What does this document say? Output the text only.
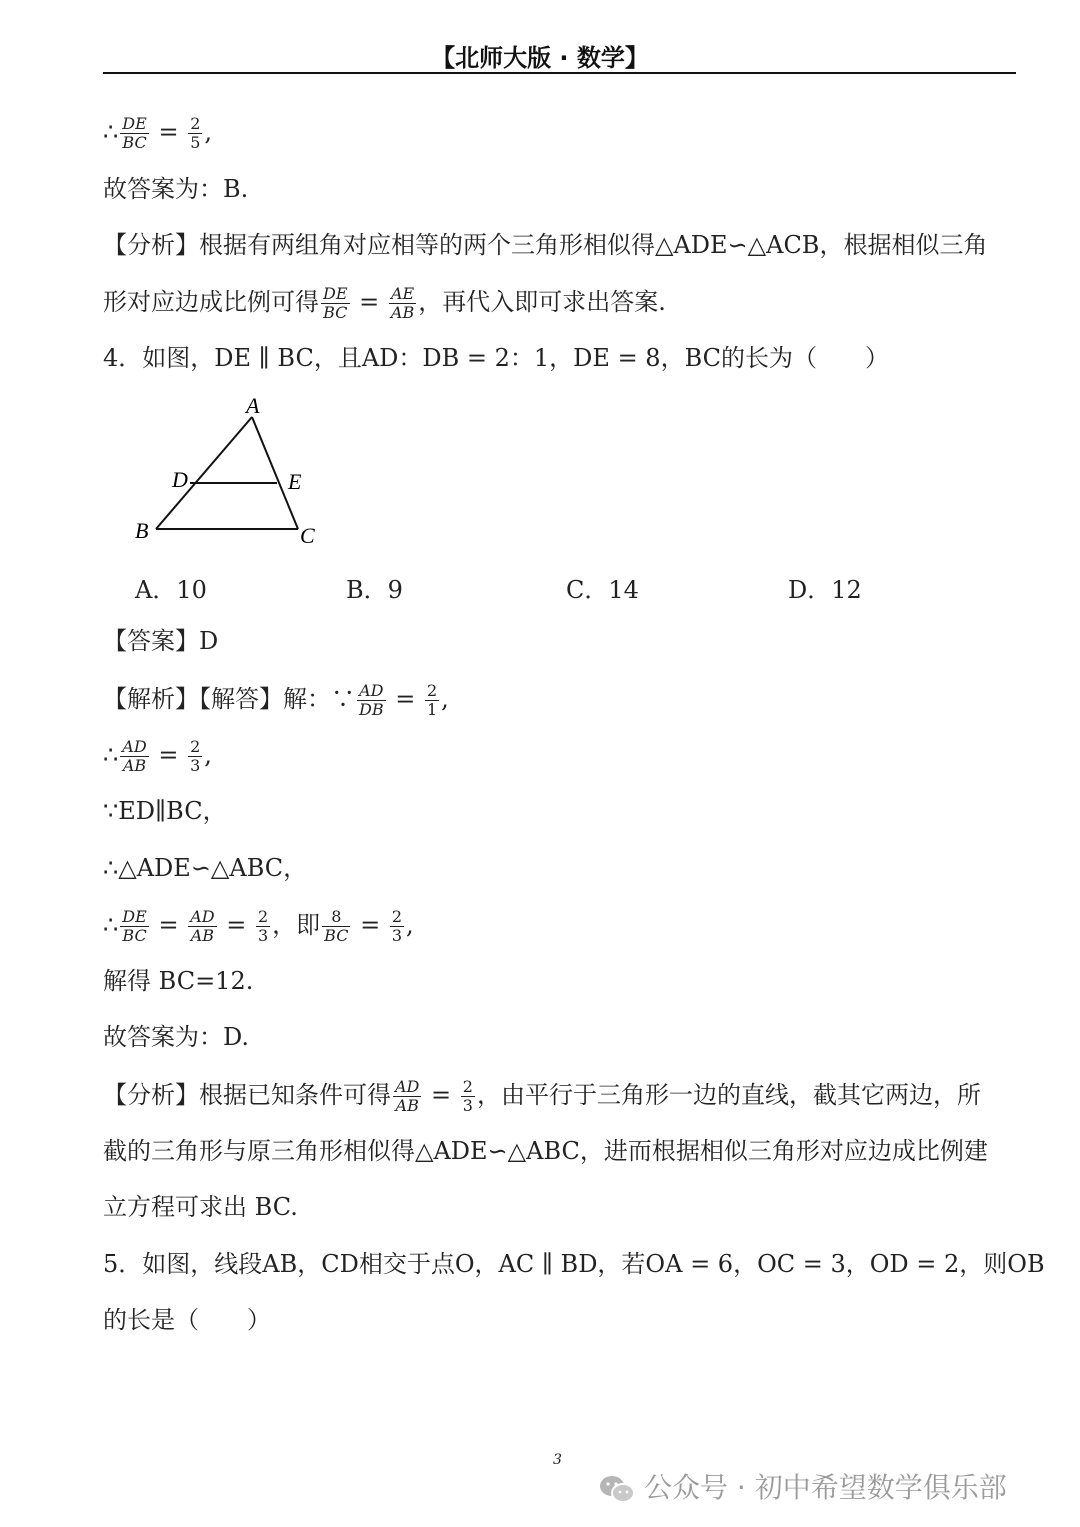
【北师大版 · 数学】
∴ $\frac{DE}{BC} = \frac{2}{5}$ ,
故答案为：B.
【分析】根据有两组角对应相等的两个三角形相似得△ADE∽△ACB，根据相似三角
形对应边成比例可得 $\frac{DE}{BC} = \frac{AE}{AB}$ ，再代入即可求出答案.
4．如图，DE ∥ BC，且AD：DB = 2：1，DE = 8，BC的长为（　　）
A
D	E
B	C
A．10	B．9	C．14	D．12
【答案】D
【解析】【解答】解：∵ $\frac{AD}{DB} = \frac{2}{1}$ ,
∴ $\frac{AD}{AB} = \frac{2}{3}$ ,
∵ED∥BC，
∴△ADE∽△ABC，
∴ $\frac{DE}{BC} = \frac{AD}{AB} = \frac{2}{3}$ ，即 $\frac{8}{BC} = \frac{2}{3}$ ,
解得 BC=12.
故答案为：D.
【分析】根据已知条件可得 $\frac{AD}{AB} = \frac{2}{3}$ ，由平行于三角形一边的直线，截其它两边，所
截的三角形与原三角形相似得△ADE∽△ABC，进而根据相似三角形对应边成比例建
立方程可求出 BC.
5．如图，线段AB，CD相交于点O，AC ∥ BD，若OA = 6，OC = 3，OD = 2，则OB
的长是（　　）
3
公众号 · 初中希望数学俱乐部
